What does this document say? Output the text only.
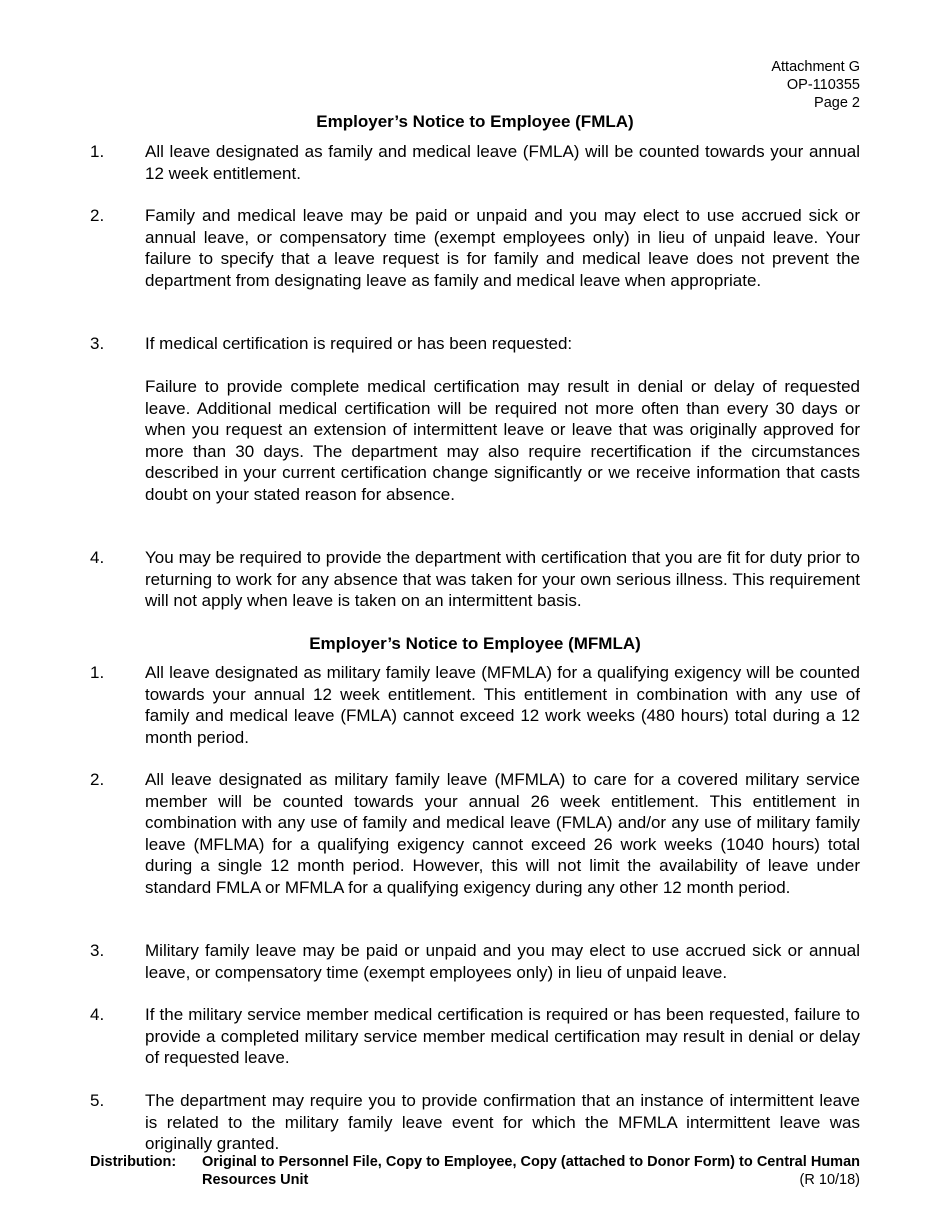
Attachment G
OP-110355
Page 2
Employer’s Notice to Employee (FMLA)
1. All leave designated as family and medical leave (FMLA) will be counted towards your annual 12 week entitlement.
2. Family and medical leave may be paid or unpaid and you may elect to use accrued sick or annual leave, or compensatory time (exempt employees only) in lieu of unpaid leave. Your failure to specify that a leave request is for family and medical leave does not prevent the department from designating leave as family and medical leave when appropriate.
3. If medical certification is required or has been requested:
Failure to provide complete medical certification may result in denial or delay of requested leave. Additional medical certification will be required not more often than every 30 days or when you request an extension of intermittent leave or leave that was originally approved for more than 30 days. The department may also require recertification if the circumstances described in your current certification change significantly or we receive information that casts doubt on your stated reason for absence.
4. You may be required to provide the department with certification that you are fit for duty prior to returning to work for any absence that was taken for your own serious illness. This requirement will not apply when leave is taken on an intermittent basis.
Employer’s Notice to Employee (MFMLA)
1. All leave designated as military family leave (MFMLA) for a qualifying exigency will be counted towards your annual 12 week entitlement. This entitlement in combination with any use of family and medical leave (FMLA) cannot exceed 12 work weeks (480 hours) total during a 12 month period.
2. All leave designated as military family leave (MFMLA) to care for a covered military service member will be counted towards your annual 26 week entitlement. This entitlement in combination with any use of family and medical leave (FMLA) and/or any use of military family leave (MFLMA) for a qualifying exigency cannot exceed 26 work weeks (1040 hours) total during a single 12 month period. However, this will not limit the availability of leave under standard FMLA or MFMLA for a qualifying exigency during any other 12 month period.
3. Military family leave may be paid or unpaid and you may elect to use accrued sick or annual leave, or compensatory time (exempt employees only) in lieu of unpaid leave.
4. If the military service member medical certification is required or has been requested, failure to provide a completed military service member medical certification may result in denial or delay of requested leave.
5. The department may require you to provide confirmation that an instance of intermittent leave is related to the military family leave event for which the MFMLA intermittent leave was originally granted.
Distribution: Original to Personnel File, Copy to Employee, Copy (attached to Donor Form) to Central Human Resources Unit	(R 10/18)
